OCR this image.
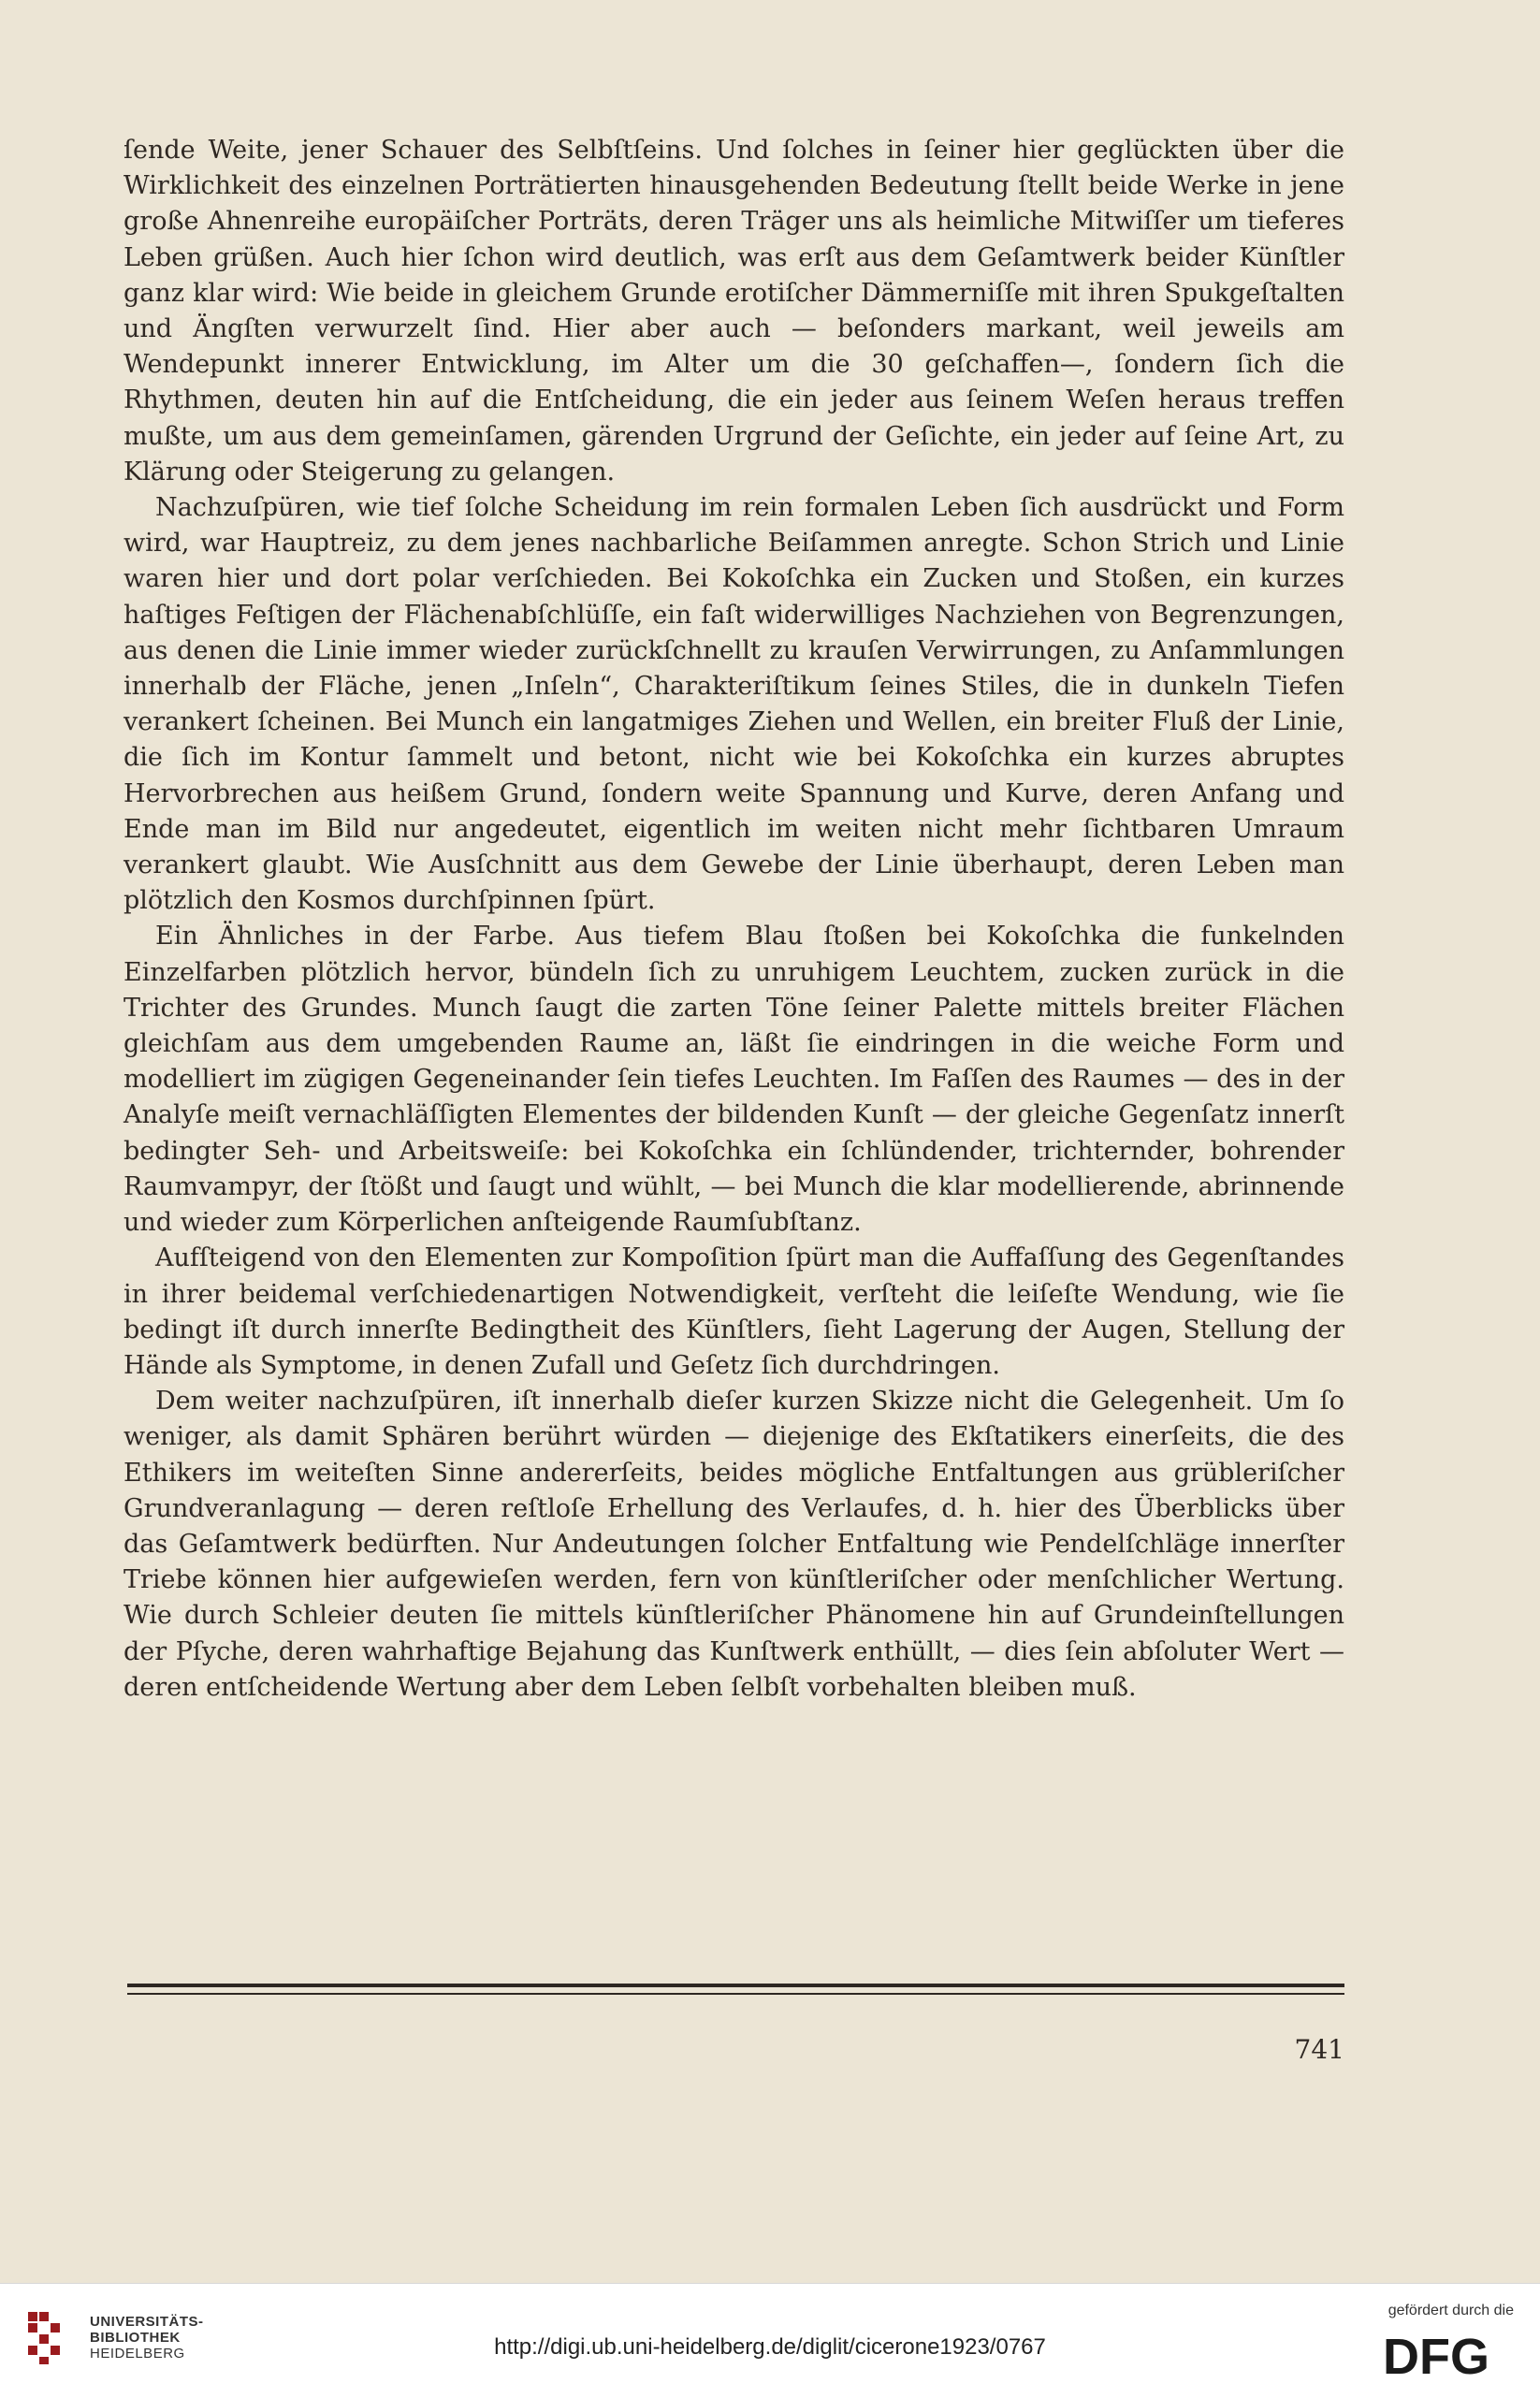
ſende Weite, jener Schauer des Selbſtſeins. Und ſolches in ſeiner hier geglückten über die Wirklichkeit des einzelnen Porträtierten hinausgehenden Bedeutung ſtellt beide Werke in jene große Ahnenreihe europäiſcher Porträts, deren Träger uns als heimliche Mitwiſſer um tieferes Leben grüßen. Auch hier ſchon wird deutlich, was erſt aus dem Geſamtwerk beider Künſtler ganz klar wird: Wie beide in gleichem Grunde erotiſcher Dämmerniſſe mit ihren Spukgeſtalten und Ängſten verwurzelt ſind. Hier aber auch — beſonders markant, weil jeweils am Wendepunkt innerer Entwicklung, im Alter um die 30 geſchaffen—, ſondern ſich die Rhythmen, deuten hin auf die Entſcheidung, die ein jeder aus ſeinem Weſen heraus treffen mußte, um aus dem gemeinſamen, gärenden Urgrund der Geſichte, ein jeder auf ſeine Art, zu Klärung oder Steigerung zu gelangen.

Nachzuſpüren, wie tief ſolche Scheidung im rein formalen Leben ſich ausdrückt und Form wird, war Hauptreiz, zu dem jenes nachbarliche Beiſammen anregte. Schon Strich und Linie waren hier und dort polar verſchieden. Bei Kokoſchka ein Zucken und Stoßen, ein kurzes haſtiges Feſtigen der Flächenabſchlüſſe, ein faſt widerwilliges Nachziehen von Begrenzungen, aus denen die Linie immer wieder zurückſchnellt zu krauſen Verwirrungen, zu Anſammlungen innerhalb der Fläche, jenen „Inſeln“, Charakteriſtikum ſeines Stiles, die in dunkeln Tiefen verankert ſcheinen. Bei Munch ein langatmiges Ziehen und Wellen, ein breiter Fluß der Linie, die ſich im Kontur ſammelt und betont, nicht wie bei Kokoſchka ein kurzes abruptes Hervorbrechen aus heißem Grund, ſondern weite Spannung und Kurve, deren Anfang und Ende man im Bild nur angedeutet, eigentlich im weiten nicht mehr ſichtbaren Umraum verankert glaubt. Wie Ausſchnitt aus dem Gewebe der Linie überhaupt, deren Leben man plötzlich den Kosmos durchſpinnen ſpürt.

Ein Ähnliches in der Farbe. Aus tiefem Blau ſtoßen bei Kokoſchka die funkelnden Einzelfarben plötzlich hervor, bündeln ſich zu unruhigem Leuchtem, zucken zurück in die Trichter des Grundes. Munch ſaugt die zarten Töne ſeiner Palette mittels breiter Flächen gleichſam aus dem umgebenden Raume an, läßt ſie eindringen in die weiche Form und modelliert im zügigen Gegeneinander ſein tiefes Leuchten. Im Faſſen des Raumes — des in der Analyſe meiſt vernachläſſigten Elementes der bildenden Kunſt — der gleiche Gegenſatz innerſt bedingter Seh- und Arbeitsweiſe: bei Kokoſchka ein ſchlündender, trichternder, bohrender Raumvampyr, der ſtößt und ſaugt und wühlt, — bei Munch die klar modellierende, abrinnende und wieder zum Körperlichen anſteigende Raumſubſtanz.

Aufſteigend von den Elementen zur Kompoſition ſpürt man die Auffaſſung des Gegenſtandes in ihrer beidemal verſchiedenartigen Notwendigkeit, verſteht die leiſeſte Wendung, wie ſie bedingt iſt durch innerſte Bedingtheit des Künſtlers, ſieht Lagerung der Augen, Stellung der Hände als Symptome, in denen Zufall und Geſetz ſich durchdringen.

Dem weiter nachzuſpüren, iſt innerhalb dieſer kurzen Skizze nicht die Gelegenheit. Um ſo weniger, als damit Sphären berührt würden — diejenige des Ekſtatikers einerſeits, die des Ethikers im weiteſten Sinne andererſeits, beides mögliche Entfaltungen aus grübleriſcher Grundveranlagung — deren reſtloſe Erhellung des Verlaufes, d. h. hier des Überblicks über das Geſamtwerk bedürften. Nur Andeutungen ſolcher Entfaltung wie Pendelſchläge innerſter Triebe können hier aufgewieſen werden, fern von künſtleriſcher oder menſchlicher Wertung. Wie durch Schleier deuten ſie mittels künſtleriſcher Phänomene hin auf Grundeinſtellungen der Pſyche, deren wahrhaftige Bejahung das Kunſtwerk enthüllt, — dies ſein abſoluter Wert — deren entſcheidende Wertung aber dem Leben ſelbſt vorbehalten bleiben muß.

741
UNIVERSITÄTS-
BIBLIOTHEK
HEIDELBERG	http://digi.ub.uni-heidelberg.de/diglit/cicerone1923/0767
gefördert durch die
DFG
